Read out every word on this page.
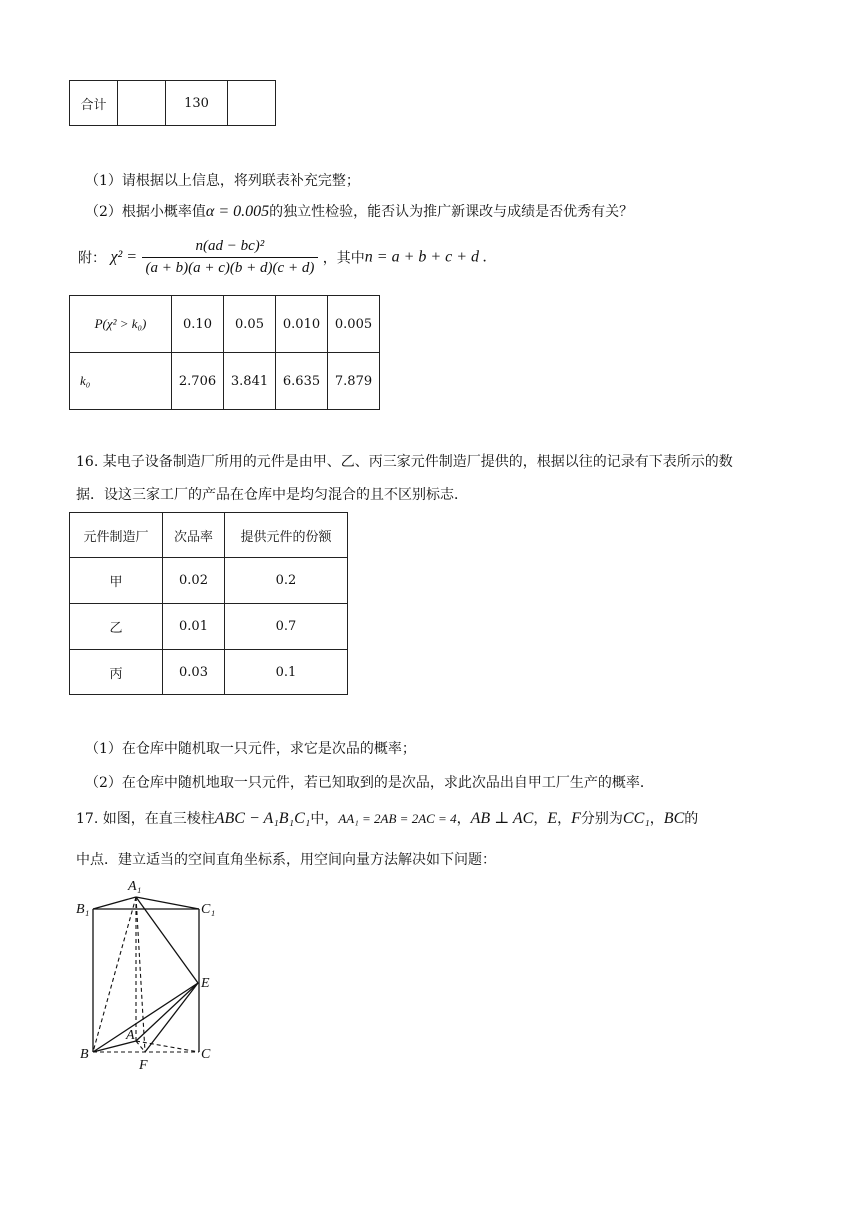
合计		130	
（1）请根据以上信息，将列联表补充完整；
（2）根据小概率值α = 0.005的独立性检验，能否认为推广新课改与成绩是否优秀有关？
附： $\chi^2 = \frac{\text{n(ad − bc)²}}{(a + b)(a + c)(b + d)(c + d)}$ ，其中n = a + b + c + d .
P(χ² > k₀)	0.10	0.05	0.010	0.005
k₀	2.706	3.841	6.635	7.879
16. 某电子设备制造厂所用的元件是由甲、乙、丙三家元件制造厂提供的，根据以往的记录有下表所示的数
据．设这三家工厂的产品在仓库中是均匀混合的且不区别标志．
元件制造厂	次品率	提供元件的份额
甲	0.02	0.2
乙	0.01	0.7
丙	0.03	0.1
（1）在仓库中随机取一只元件，求它是次品的概率；
（2）在仓库中随机地取一只元件，若已知取到的是次品，求此次品出自甲工厂生产的概率．
17. 如图，在直三棱柱ABC − A₁B₁C₁中，AA₁ = 2AB = 2AC = 4，AB ⊥ AC，E，F分别为CC₁，BC的
中点．建立适当的空间直角坐标系，用空间向量方法解决如下问题：
A₁
B₁	C₁
E
A
B	C
F
